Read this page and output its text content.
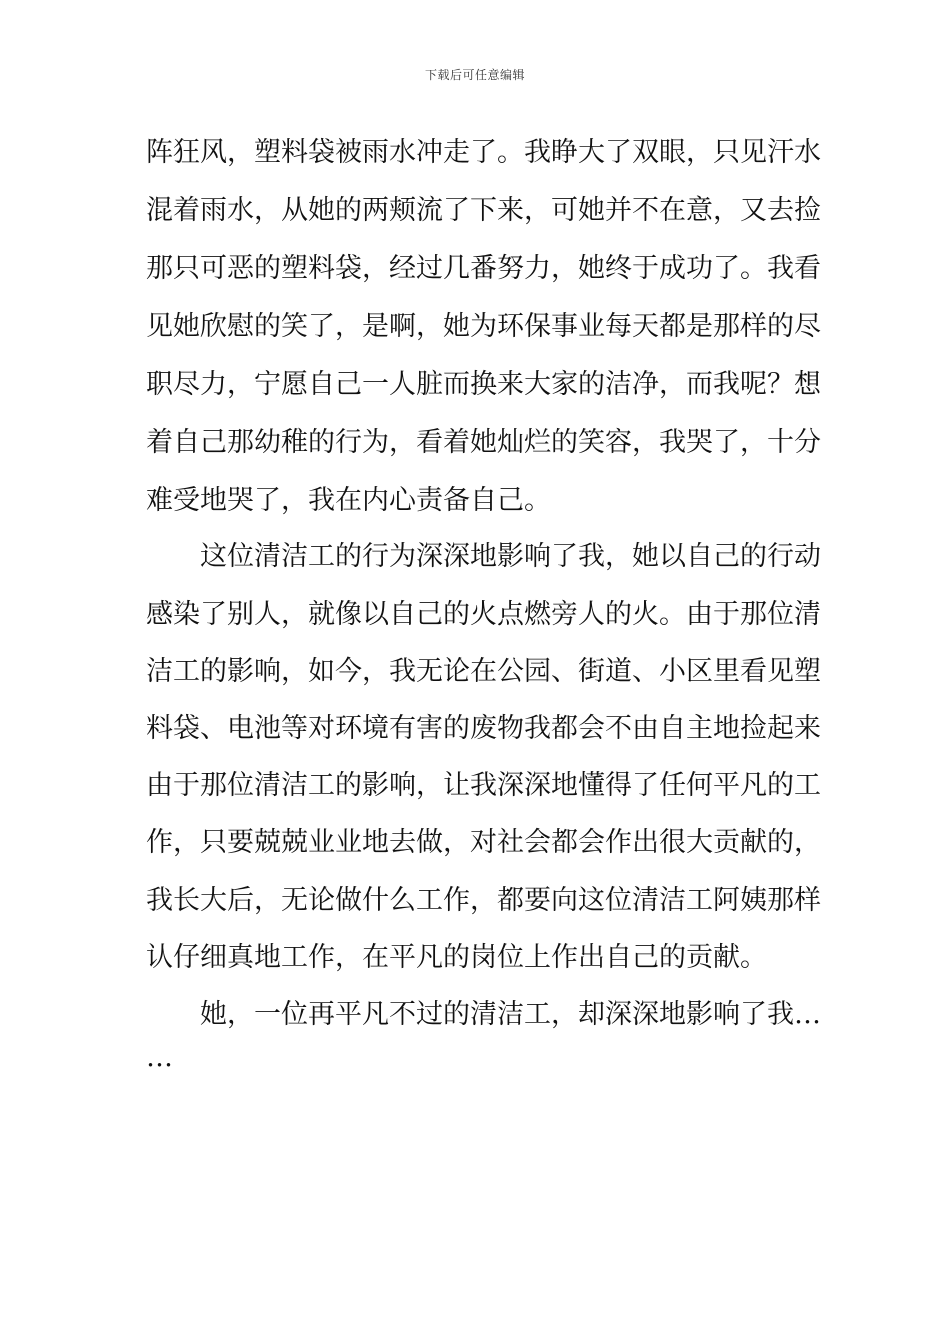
下载后可任意编辑
阵狂风，塑料袋被雨水冲走了。我睁大了双眼，只见汗水
混着雨水，从她的两颊流了下来，可她并不在意，又去捡
那只可恶的塑料袋，经过几番努力，她终于成功了。我看
见她欣慰的笑了，是啊，她为环保事业每天都是那样的尽
职尽力，宁愿自己一人脏而换来大家的洁净，而我呢？想
着自己那幼稚的行为，看着她灿烂的笑容，我哭了，十分
难受地哭了，我在内心责备自己。
这位清洁工的行为深深地影响了我，她以自己的行动
感染了别人，就像以自己的火点燃旁人的火。由于那位清
洁工的影响，如今，我无论在公园、街道、小区里看见塑
料袋、电池等对环境有害的废物我都会不由自主地捡起来
由于那位清洁工的影响，让我深深地懂得了任何平凡的工
作，只要兢兢业业地去做，对社会都会作出很大贡献的，
我长大后，无论做什么工作，都要向这位清洁工阿姨那样
认仔细真地工作，在平凡的岗位上作出自己的贡献。
她，一位再平凡不过的清洁工，却深深地影响了我…
…
